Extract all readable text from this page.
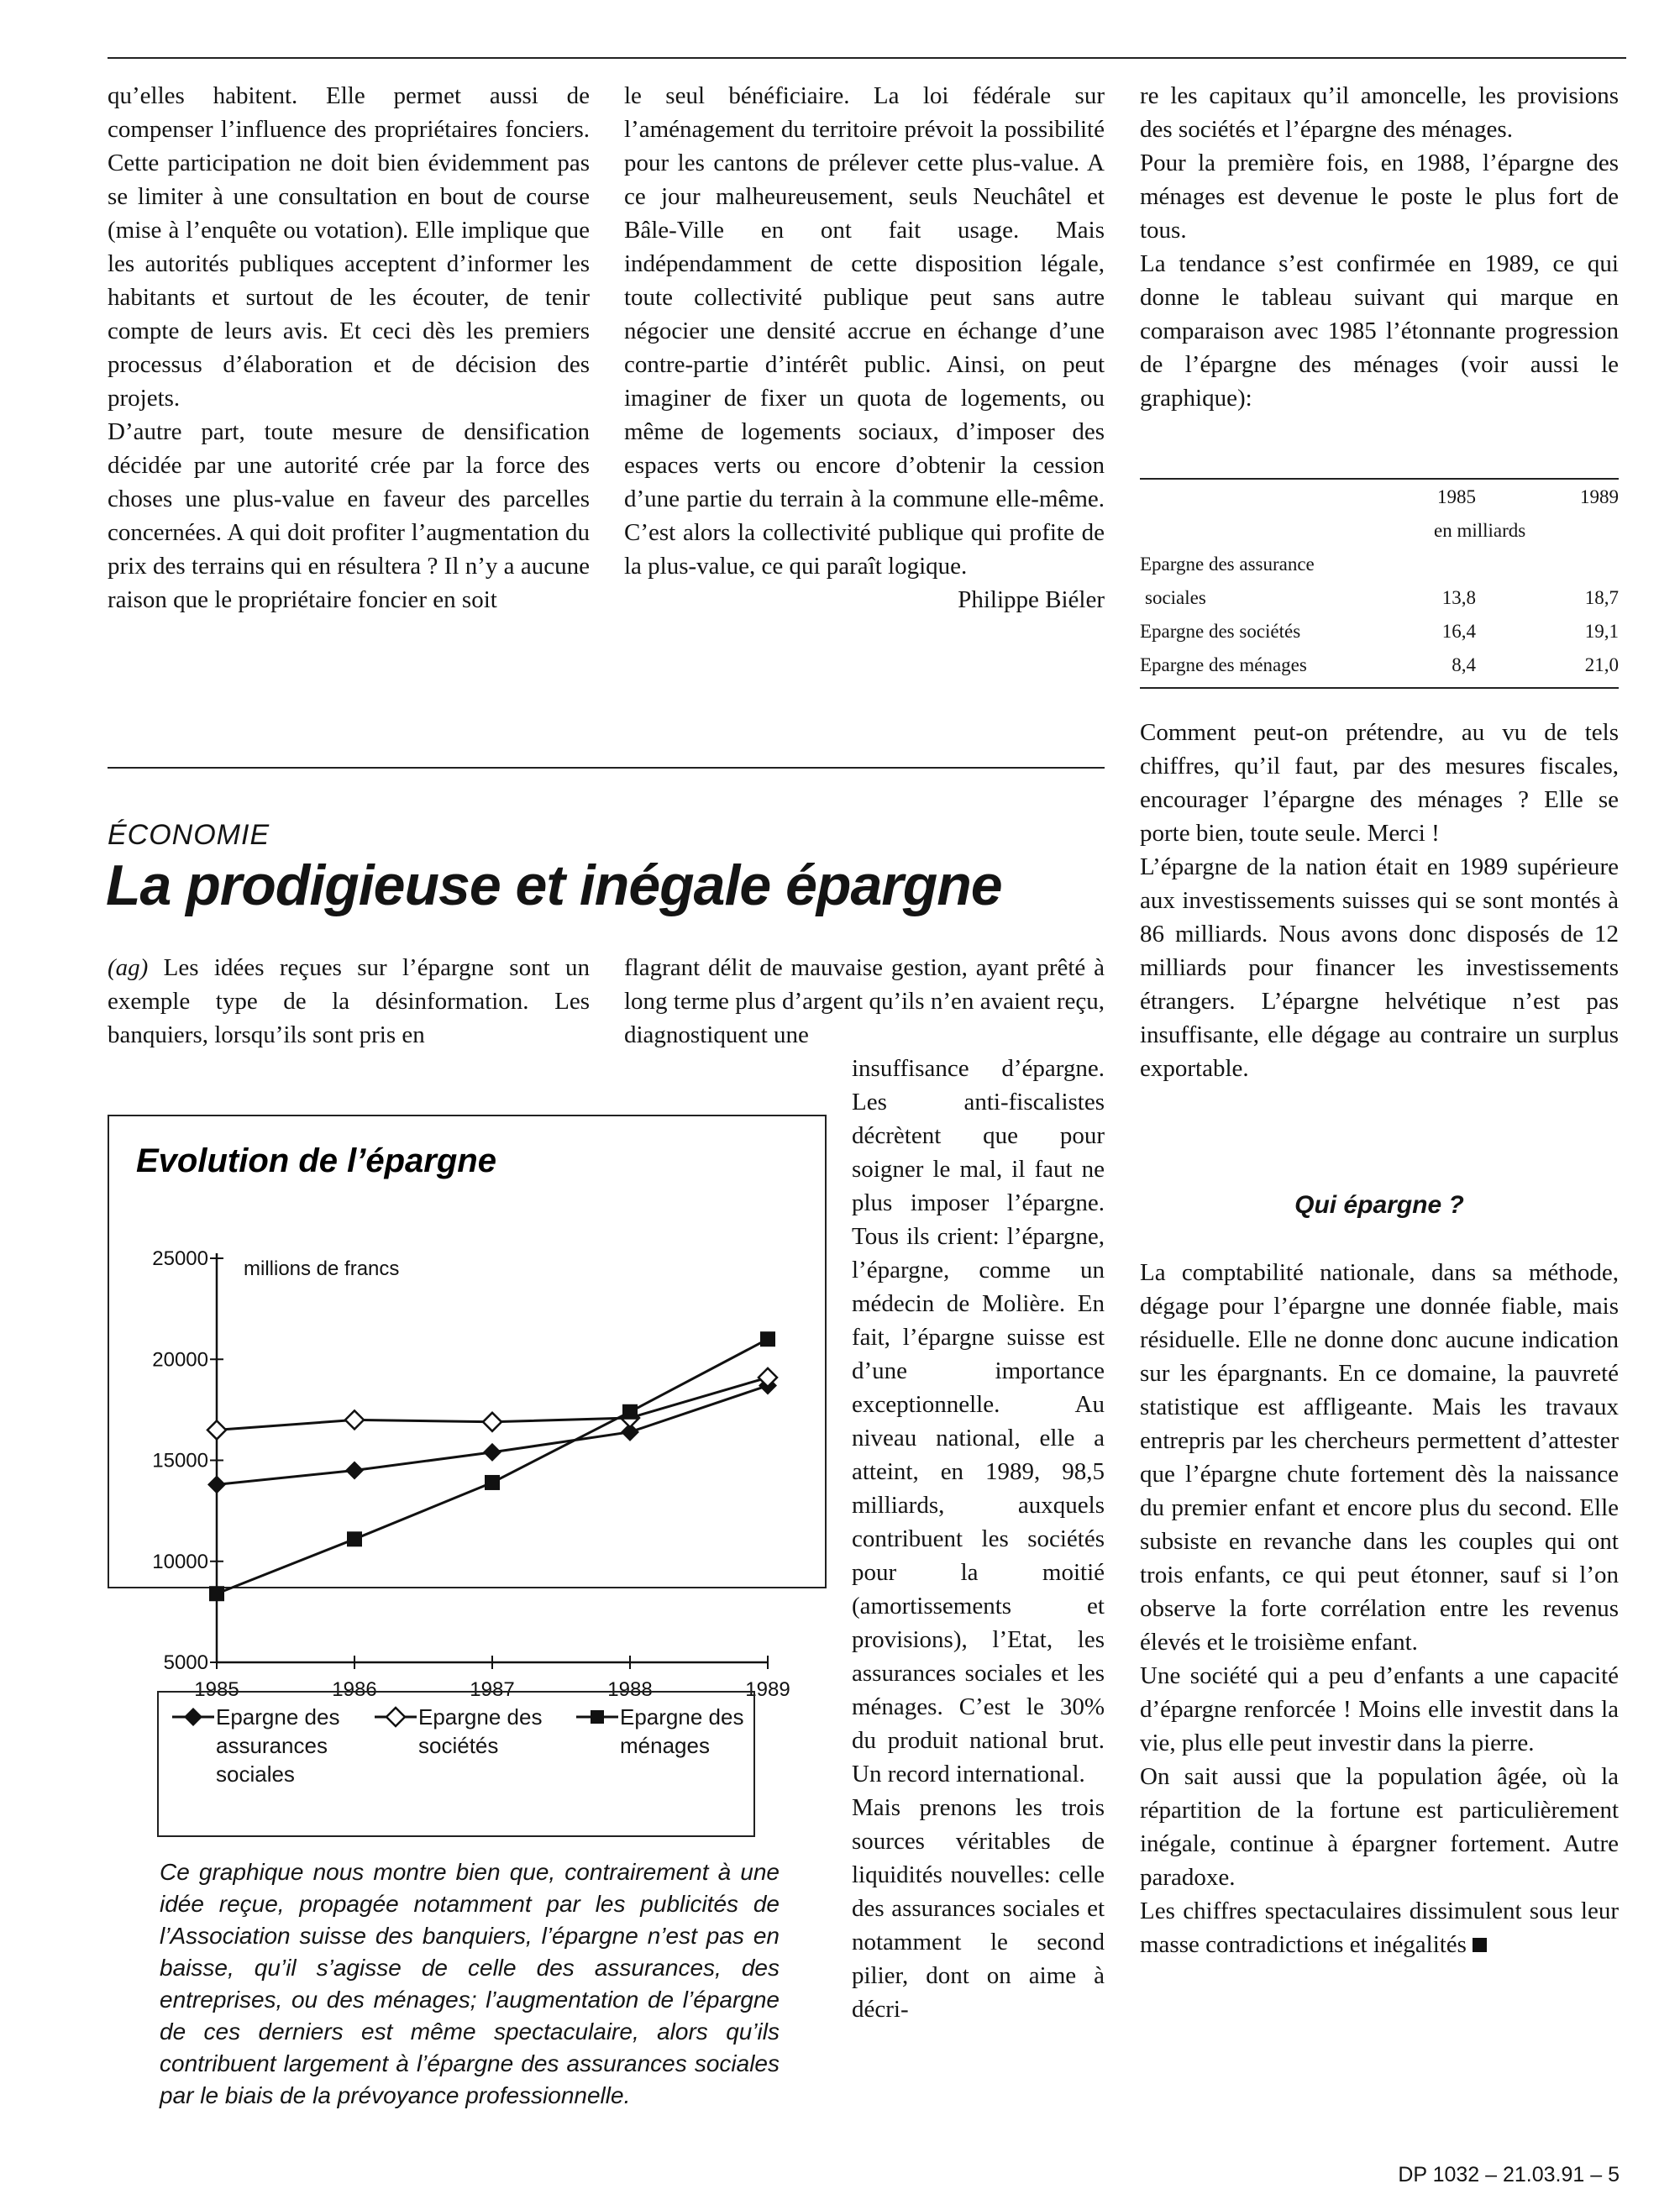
qu’elles habitent. Elle permet aussi de compenser l’influence des propriétaires fonciers. Cette participation ne doit bien évidemment pas se limiter à une consultation en bout de course (mise à l’enquête ou votation). Elle implique que les autorités publiques acceptent d’informer les habitants et surtout de les écouter, de tenir compte de leurs avis. Et ceci dès les premiers processus d’élaboration et de décision des projets.

D’autre part, toute mesure de densification décidée par une autorité crée par la force des choses une plus-value en faveur des parcelles concernées. A qui doit profiter l’augmentation du prix des terrains qui en résultera ? Il n’y a aucune raison que le propriétaire foncier en soit

le seul bénéficiaire. La loi fédérale sur l’aménagement du territoire prévoit la possibilité pour les cantons de prélever cette plus-value. A ce jour malheureusement, seuls Neuchâtel et Bâle-Ville en ont fait usage. Mais indépendamment de cette disposition légale, toute collectivité publique peut sans autre négocier une densité accrue en échange d’une contre-partie d’intérêt public. Ainsi, on peut imaginer de fixer un quota de logements, ou même de logements sociaux, d’imposer des espaces verts ou encore d’obtenir la cession d’une partie du terrain à la commune elle-même. C’est alors la collectivité publique qui profite de la plus-value, ce qui paraît logique.

Philippe Biéler

re les capitaux qu’il amoncelle, les provisions des sociétés et l’épargne des ménages.

Pour la première fois, en 1988, l’épargne des ménages est devenue le poste le plus fort de tous.

La tendance s’est confirmée en 1989, ce qui donne le tableau suivant qui marque en comparaison avec 1985 l’étonnante progression de l’épargne des ménages (voir aussi le graphique):

	1985	1989
	en milliards	
Epargne des assurance		
sociales	13,8	18,7
Epargne des sociétés	16,4	19,1
Epargne des ménages	8,4	21,0

Comment peut-on prétendre, au vu de tels chiffres, qu’il faut, par des mesures fiscales, encourager l’épargne des ménages ? Elle se porte bien, toute seule. Merci !

L’épargne de la nation était en 1989 supérieure aux investissements suisses qui se sont montés à 86 milliards. Nous avons donc disposés de 12 milliards pour financer les investissements étrangers. L’épargne helvétique n’est pas insuffisante, elle dégage au contraire un surplus exportable.

Qui épargne ?

La comptabilité nationale, dans sa méthode, dégage pour l’épargne une donnée fiable, mais résiduelle. Elle ne donne donc aucune indication sur les épargnants. En ce domaine, la pauvreté statistique est affligeante. Mais les travaux entrepris par les chercheurs permettent d’attester que l’épargne chute fortement dès la naissance du premier enfant et encore plus du second. Elle subsiste en revanche dans les couples qui ont trois enfants, ce qui peut étonner, sauf si l’on observe la forte corrélation entre les revenus élevés et le troisième enfant.

Une société qui a peu d’enfants a une capacité d’épargne renforcée ! Moins elle investit dans la vie, plus elle peut investir dans la pierre.

On sait aussi que la population âgée, où la répartition de la fortune est particulièrement inégale, continue à épargner fortement. Autre paradoxe.

Les chiffres spectaculaires dissimulent sous leur masse contradictions et inégalités

ÉCONOMIE
La prodigieuse et inégale épargne

(ag) Les idées reçues sur l’épargne sont un exemple type de la désinformation. Les banquiers, lorsqu’ils sont pris en

flagrant délit de mauvaise gestion, ayant prêté à long terme plus d’argent qu’ils n’en avaient reçu, diagnostiquent une

insuffisance d’épargne. Les anti-fiscalistes décrètent que pour soigner le mal, il faut ne plus imposer l’épargne. Tous ils crient: l’épargne, l’épargne, comme un médecin de Molière. En fait, l’épargne suisse est d’une importance exceptionnelle. Au niveau national, elle a atteint, en 1989, 98,5 milliards, auxquels contribuent les sociétés pour la moitié (amortissements et provisions), l’Etat, les assurances sociales et les ménages. C’est le 30% du produit national brut. Un record international.

Mais prenons les trois sources véritables de liquidités nouvelles: celle des assurances sociales et notamment le second pilier, dont on aime à décri-

Evolution de l’épargne
millions de francs
25000
20000
15000
10000
5000
1985	1986	1987	1988	1989
Epargne des
assurances
sociales
Epargne des
sociétés
Epargne des
ménages

Ce graphique nous montre bien que, contrairement à une idée reçue, propagée notamment par les publicités de l’Association suisse des banquiers, l’épargne n’est pas en baisse, qu’il s’agisse de celle des assurances, des entreprises, ou des ménages; l’augmentation de l’épargne de ces derniers est même spectaculaire, alors qu’ils contribuent largement à l’épargne des assurances sociales par le biais de la prévoyance professionnelle.

DP 1032 – 21.03.91 – 5
